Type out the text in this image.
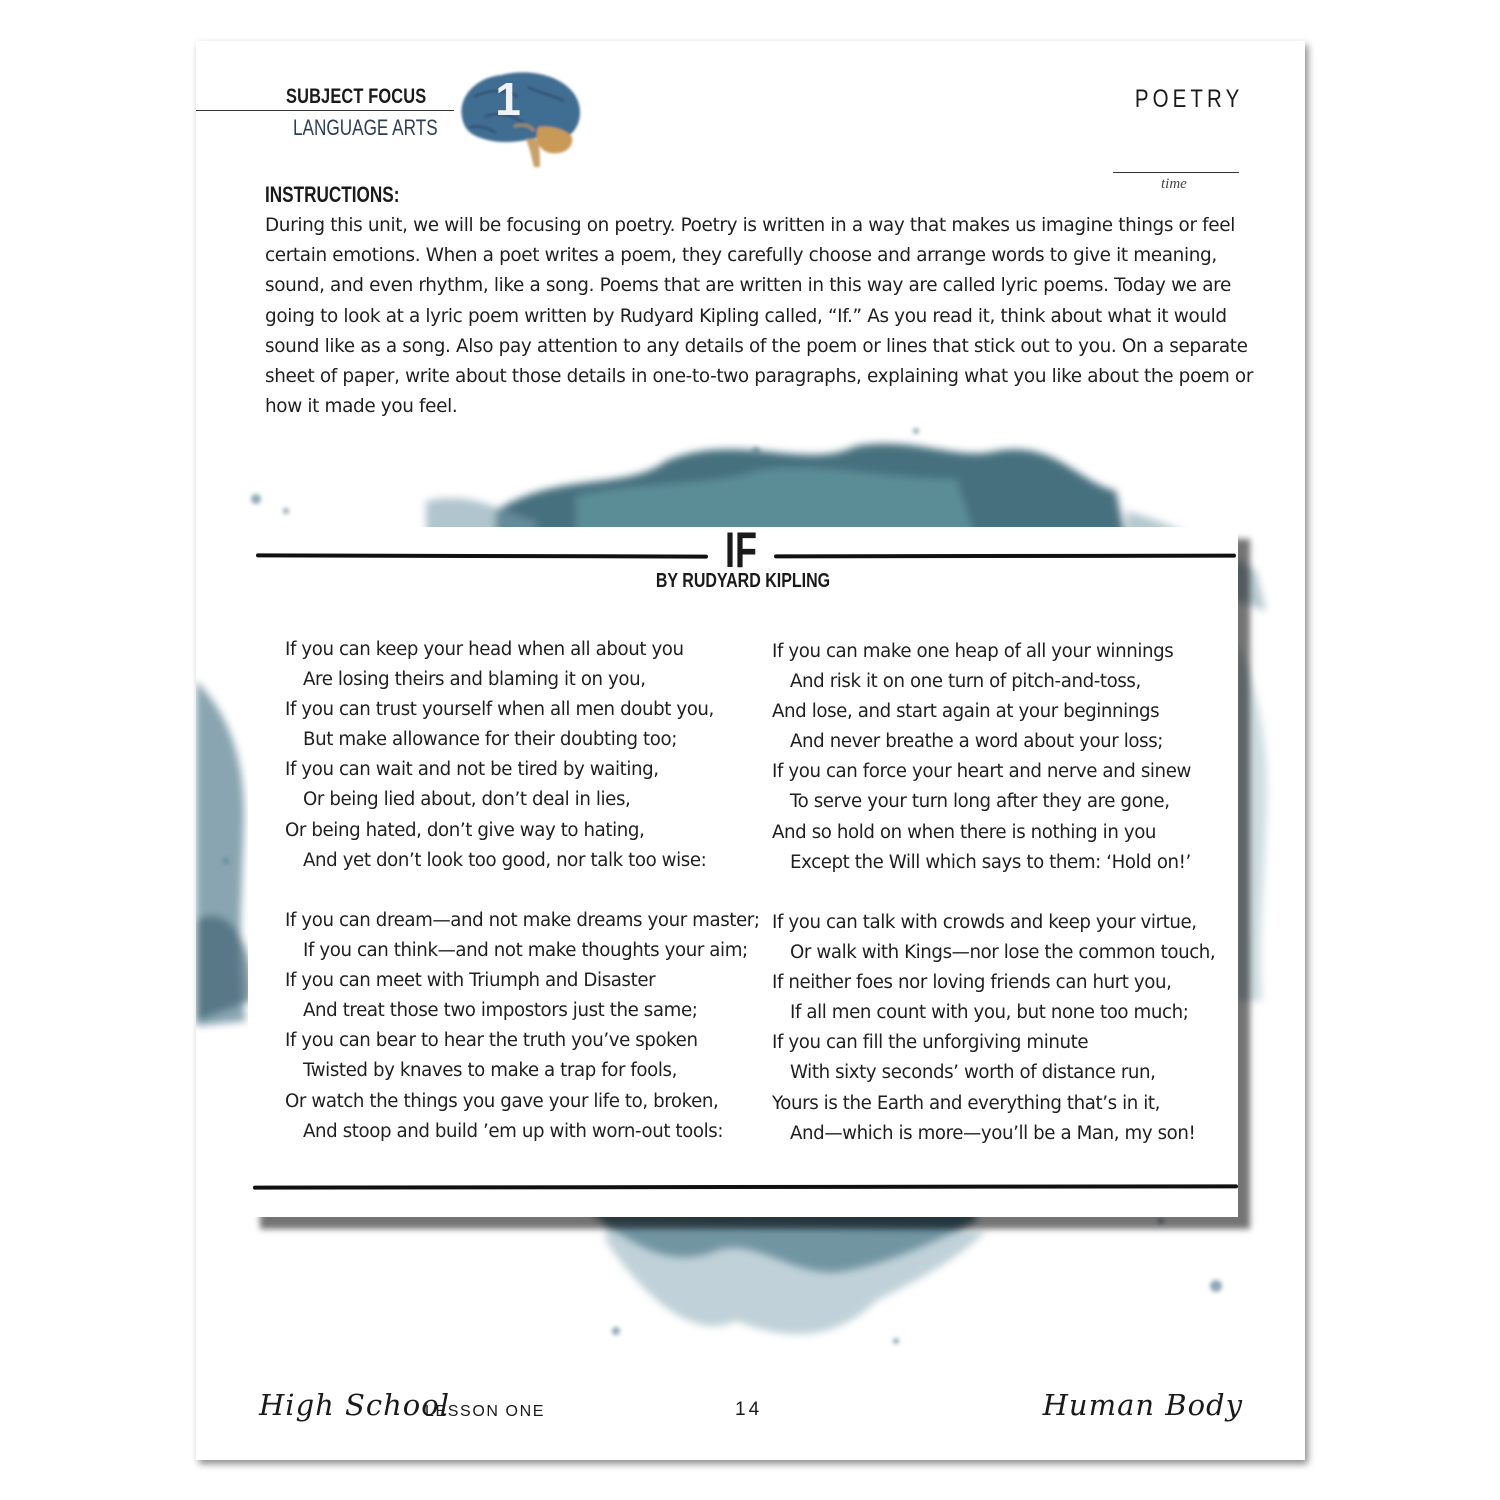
SUBJECT FOCUS
LANGUAGE ARTS
1	POETRY
time
INSTRUCTIONS:
During this unit, we will be focusing on poetry. Poetry is written in a way that makes us imagine things or feel
certain emotions. When a poet writes a poem, they carefully choose and arrange words to give it meaning,
sound, and even rhythm, like a song. Poems that are written in this way are called lyric poems. Today we are
going to look at a lyric poem written by Rudyard Kipling called, “If.” As you read it, think about what it would
sound like as a song. Also pay attention to any details of the poem or lines that stick out to you. On a separate
sheet of paper, write about those details in one-to-two paragraphs, explaining what you like about the poem or
how it made you feel.
IF
BY RUDYARD KIPLING
If you can keep your head when all about you
Are losing theirs and blaming it on you,
If you can trust yourself when all men doubt you,
But make allowance for their doubting too;
If you can wait and not be tired by waiting,
Or being lied about, don’t deal in lies,
Or being hated, don’t give way to hating,
And yet don’t look too good, nor talk too wise:
If you can dream—and not make dreams your master;
If you can think—and not make thoughts your aim;
If you can meet with Triumph and Disaster
And treat those two impostors just the same;
If you can bear to hear the truth you’ve spoken
Twisted by knaves to make a trap for fools,
Or watch the things you gave your life to, broken,
And stoop and build ’em up with worn-out tools:
If you can make one heap of all your winnings
And risk it on one turn of pitch-and-toss,
And lose, and start again at your beginnings
And never breathe a word about your loss;
If you can force your heart and nerve and sinew
To serve your turn long after they are gone,
And so hold on when there is nothing in you
Except the Will which says to them: ‘Hold on!’
If you can talk with crowds and keep your virtue,
Or walk with Kings—nor lose the common touch,
If neither foes nor loving friends can hurt you,
If all men count with you, but none too much;
If you can fill the unforgiving minute
With sixty seconds’ worth of distance run,
Yours is the Earth and everything that’s in it,
And—which is more—you’ll be a Man, my son!
High School
LESSON ONE	14	Human Body
